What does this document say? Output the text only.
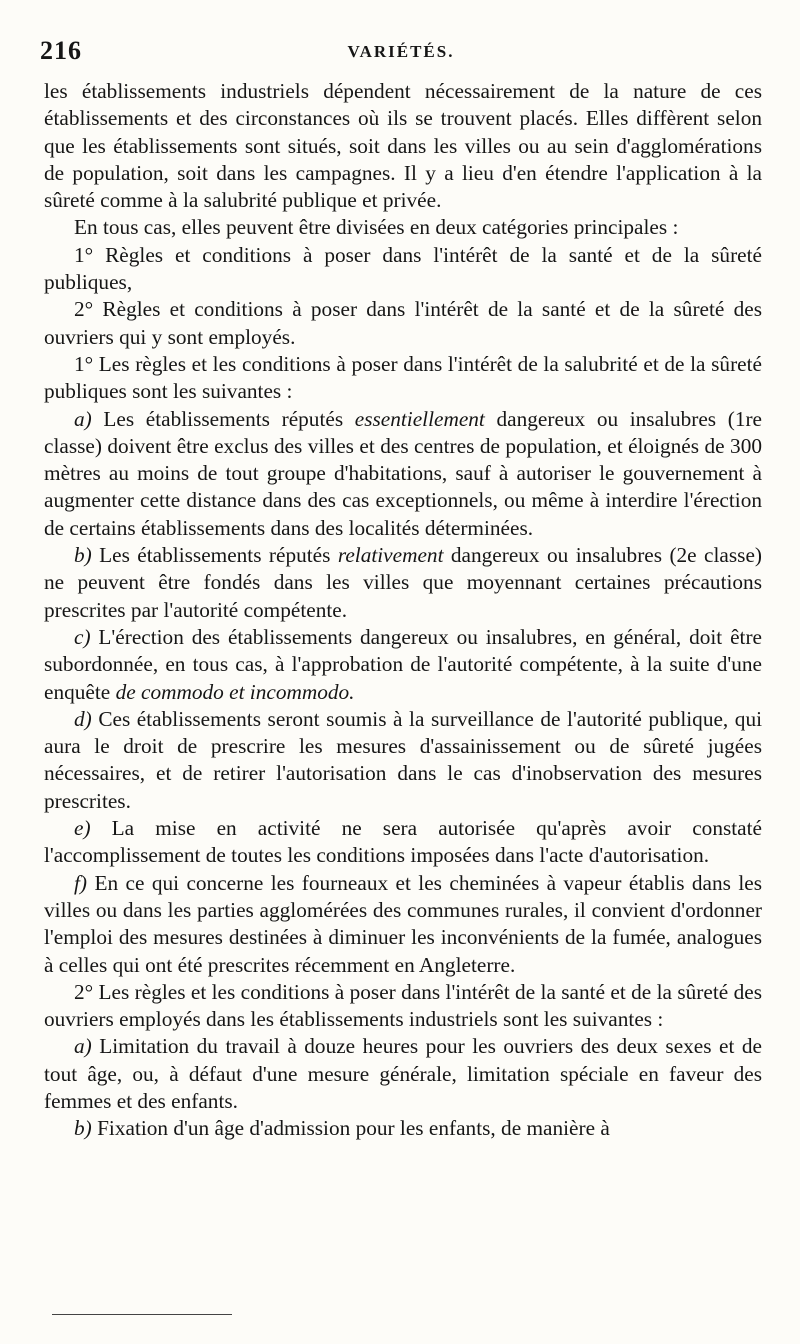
216	VARIÉTÉS.

les établissements industriels dépendent nécessairement de la nature de ces établissements et des circonstances où ils se trouvent placés. Elles diffèrent selon que les établissements sont situés, soit dans les villes ou au sein d'agglomérations de population, soit dans les campagnes. Il y a lieu d'en étendre l'application à la sûreté comme à la salubrité publique et privée.

En tous cas, elles peuvent être divisées en deux catégories principales :

1° Règles et conditions à poser dans l'intérêt de la santé et de la sûreté publiques,

2° Règles et conditions à poser dans l'intérêt de la santé et de la sûreté des ouvriers qui y sont employés.

1° Les règles et les conditions à poser dans l'intérêt de la salubrité et de la sûreté publiques sont les suivantes :

a) Les établissements réputés essentiellement dangereux ou insalubres (1re classe) doivent être exclus des villes et des centres de population, et éloignés de 300 mètres au moins de tout groupe d'habitations, sauf à autoriser le gouvernement à augmenter cette distance dans des cas exceptionnels, ou même à interdire l'érection de certains établissements dans des localités déterminées.

b) Les établissements réputés relativement dangereux ou insalubres (2e classe) ne peuvent être fondés dans les villes que moyennant certaines précautions prescrites par l'autorité compétente.

c) L'érection des établissements dangereux ou insalubres, en général, doit être subordonnée, en tous cas, à l'approbation de l'autorité compétente, à la suite d'une enquête de commodo et incommodo.

d) Ces établissements seront soumis à la surveillance de l'autorité publique, qui aura le droit de prescrire les mesures d'assainissement ou de sûreté jugées nécessaires, et de retirer l'autorisation dans le cas d'inobservation des mesures prescrites.

e) La mise en activité ne sera autorisée qu'après avoir constaté l'accomplissement de toutes les conditions imposées dans l'acte d'autorisation.

f) En ce qui concerne les fourneaux et les cheminées à vapeur établis dans les villes ou dans les parties agglomérées des communes rurales, il convient d'ordonner l'emploi des mesures destinées à diminuer les inconvénients de la fumée, analogues à celles qui ont été prescrites récemment en Angleterre.

2° Les règles et les conditions à poser dans l'intérêt de la santé et de la sûreté des ouvriers employés dans les établissements industriels sont les suivantes :

a) Limitation du travail à douze heures pour les ouvriers des deux sexes et de tout âge, ou, à défaut d'une mesure générale, limitation spéciale en faveur des femmes et des enfants.

b) Fixation d'un âge d'admission pour les enfants, de manière à
